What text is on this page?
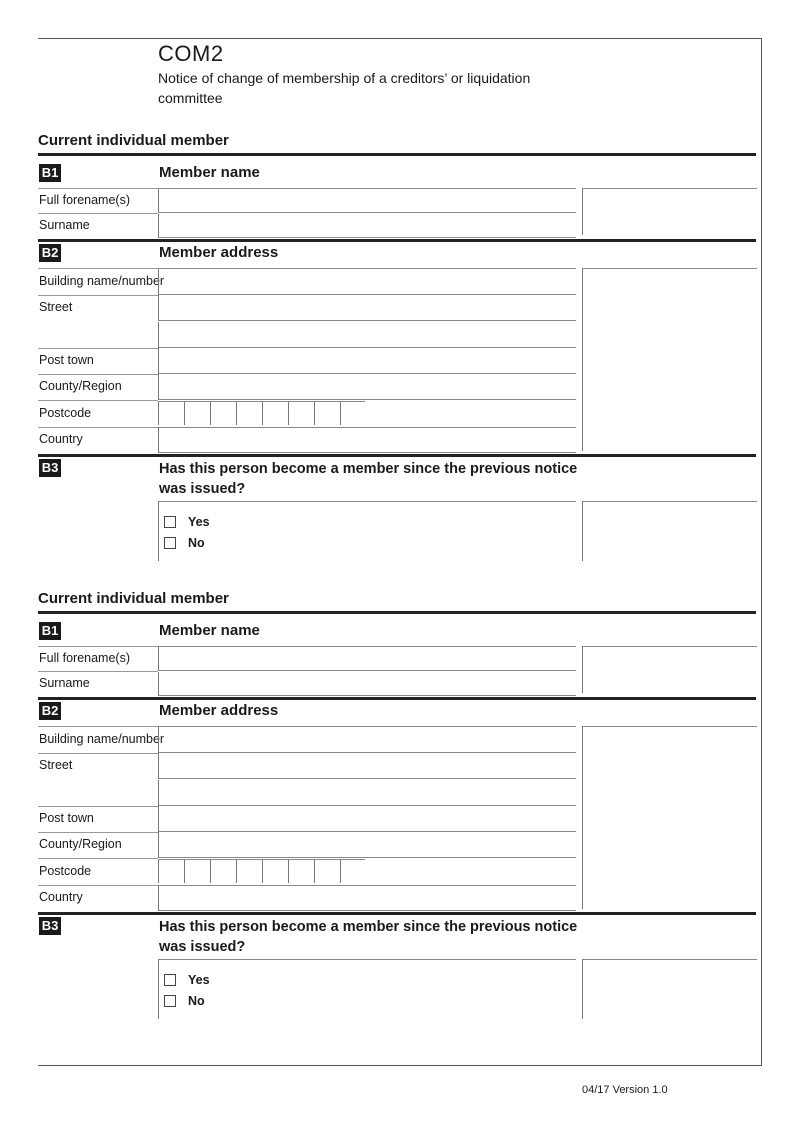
COM2
Notice of change of membership of a creditors’ or liquidation committee
Current individual member
B1	Member name
Full forename(s)
Surname
B2	Member address
Building name/number
Street
Post town
County/Region
Postcode
Country
B3	Has this person become a member since the previous notice was issued?
Yes
No
Current individual member
B1	Member name
Full forename(s)
Surname
B2	Member address
Building name/number
Street
Post town
County/Region
Postcode
Country
B3	Has this person become a member since the previous notice was issued?
Yes
No
04/17 Version 1.0
